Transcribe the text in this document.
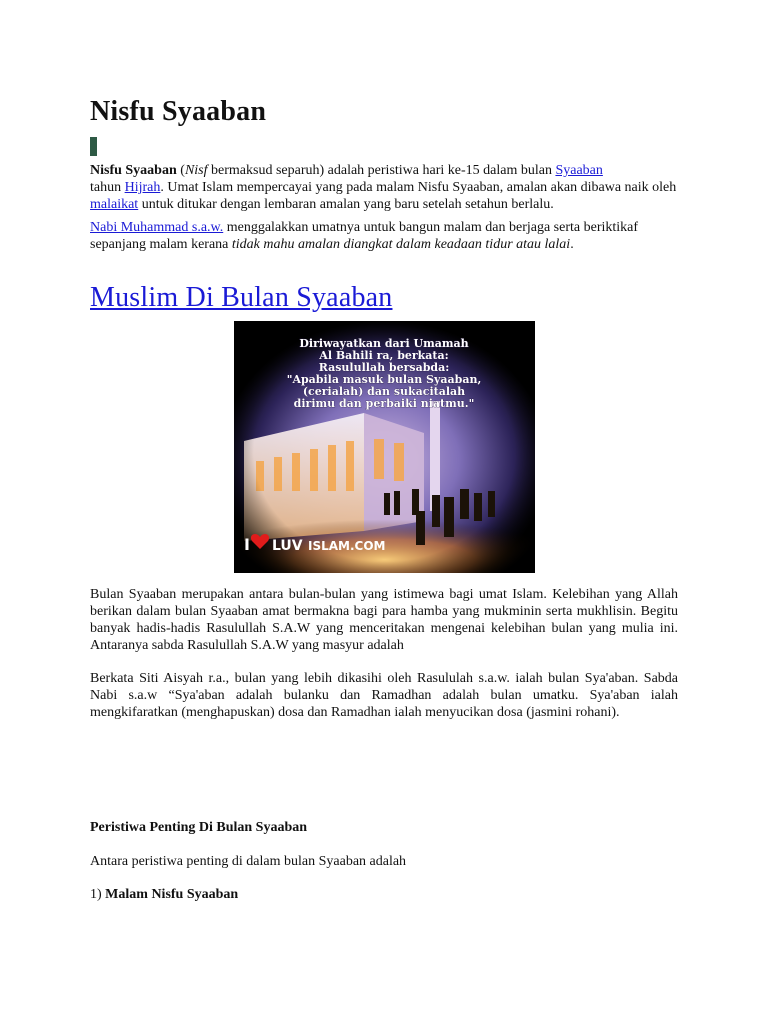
Nisfu Syaaban

Nisfu Syaaban (Nisf bermaksud separuh) adalah peristiwa hari ke-15 dalam bulan Syaaban
tahun Hijrah. Umat Islam mempercayai yang pada malam Nisfu Syaaban, amalan akan dibawa naik oleh malaikat untuk ditukar dengan lembaran amalan yang baru setelah setahun berlalu.

Nabi Muhammad s.a.w. menggalakkan umatnya untuk bangun malam dan berjaga serta beriktikaf sepanjang malam kerana tidak mahu amalan diangkat dalam keadaan tidur atau lalai.

Muslim Di Bulan Syaaban
Diriwayatkan dari Umamah
Al Bahili ra, berkata:
Rasulullah bersabda:
"Apabila masuk bulan Syaaban,
(cerialah) dan sukacitalah
dirimu dan perbaiki niatmu."
I LUV ISLAM.COM

Bulan Syaaban merupakan antara bulan-bulan yang istimewa bagi umat Islam. Kelebihan yang Allah berikan dalam bulan Syaaban amat bermakna bagi para hamba yang mukminin serta mukhlisin. Begitu banyak hadis-hadis Rasulullah S.A.W yang menceritakan mengenai kelebihan bulan yang mulia ini. Antaranya sabda Rasulullah S.A.W yang masyur adalah

Berkata Siti Aisyah r.a., bulan yang lebih dikasihi oleh Rasululah s.a.w. ialah bulan Sya'aban. Sabda Nabi s.a.w “Sya'aban adalah bulanku dan Ramadhan adalah bulan umatku. Sya'aban ialah mengkifaratkan (menghapuskan) dosa dan Ramadhan ialah menyucikan dosa (jasmini rohani).

Peristiwa Penting Di Bulan Syaaban

Antara peristiwa penting di dalam bulan Syaaban adalah

1) Malam Nisfu Syaaban
